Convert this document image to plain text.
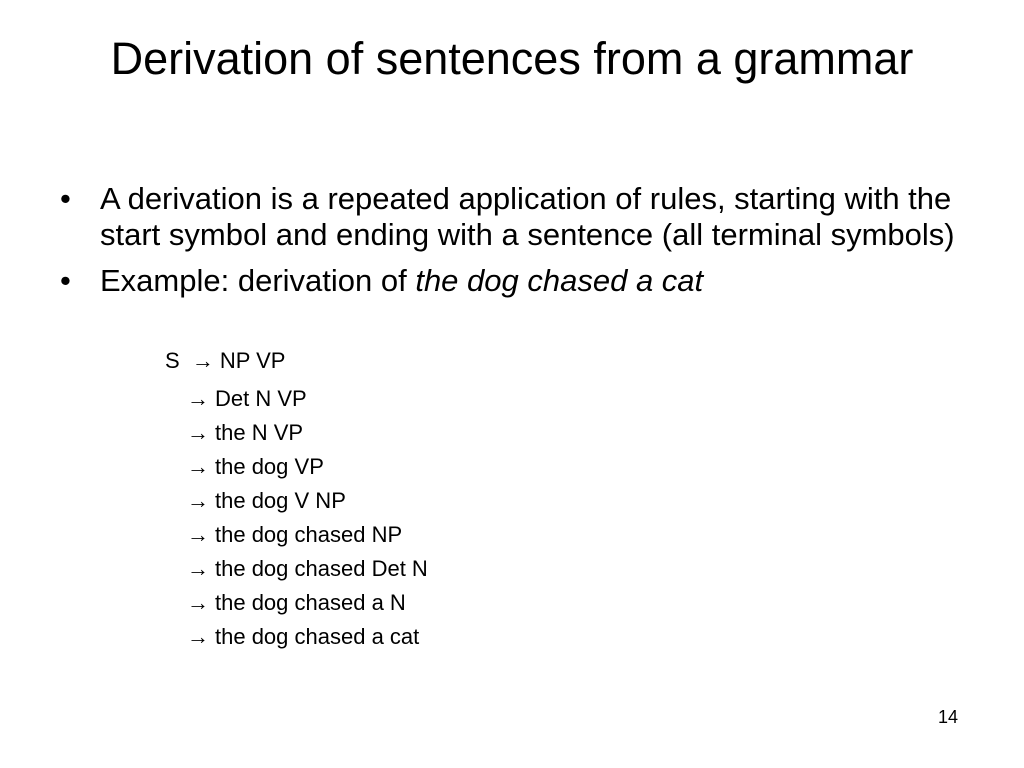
Derivation of sentences from a grammar
• A derivation is a repeated application of rules, starting with the start symbol and ending with a sentence (all terminal symbols)
• Example: derivation of the dog chased a cat
S → NP VP
→ Det N VP
→ the N VP
→ the dog VP
→ the dog V NP
→ the dog chased NP
→ the dog chased Det N
→ the dog chased a N
→ the dog chased a cat
14
